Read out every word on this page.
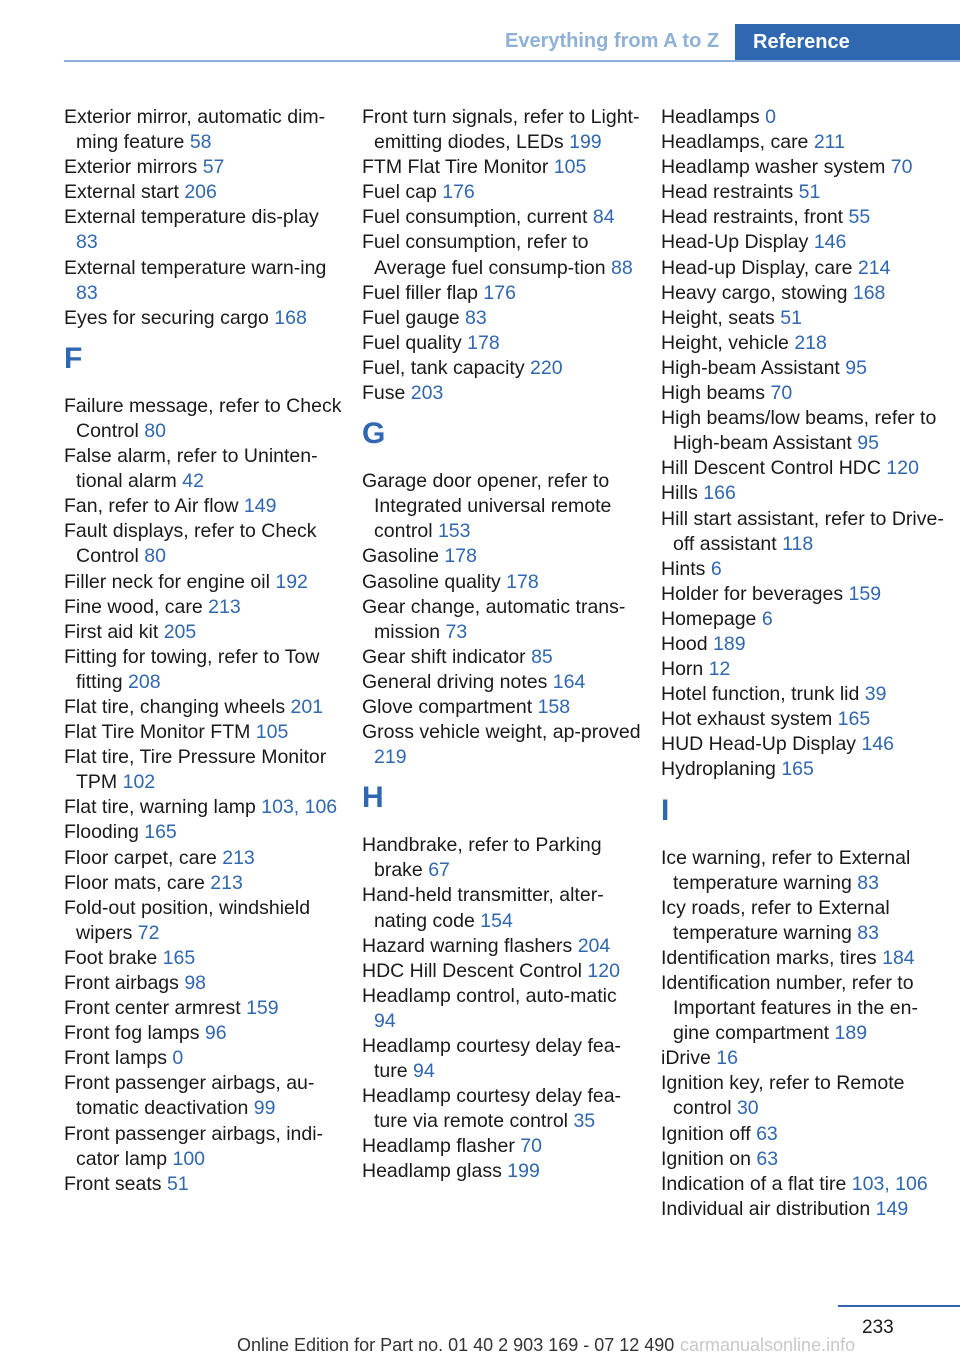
Everything from A to Z	Reference
Exterior mirror, automatic dim-ming feature 58
Exterior mirrors 57
External start 206
External temperature dis-play 83
External temperature warn-ing 83
Eyes for securing cargo 168
F
Failure message, refer to Check Control 80
False alarm, refer to Uninten-tional alarm 42
Fan, refer to Air flow 149
Fault displays, refer to Check Control 80
Filler neck for engine oil 192
Fine wood, care 213
First aid kit 205
Fitting for towing, refer to Tow fitting 208
Flat tire, changing wheels 201
Flat Tire Monitor FTM 105
Flat tire, Tire Pressure Monitor TPM 102
Flat tire, warning lamp 103, 106
Flooding 165
Floor carpet, care 213
Floor mats, care 213
Fold-out position, windshield wipers 72
Foot brake 165
Front airbags 98
Front center armrest 159
Front fog lamps 96
Front lamps 0
Front passenger airbags, au-tomatic deactivation 99
Front passenger airbags, indi-cator lamp 100
Front seats 51
Front turn signals, refer to Light-emitting diodes, LEDs 199
FTM Flat Tire Monitor 105
Fuel cap 176
Fuel consumption, current 84
Fuel consumption, refer to Average fuel consump-tion 88
Fuel filler flap 176
Fuel gauge 83
Fuel quality 178
Fuel, tank capacity 220
Fuse 203
G
Garage door opener, refer to Integrated universal remote control 153
Gasoline 178
Gasoline quality 178
Gear change, automatic trans-mission 73
Gear shift indicator 85
General driving notes 164
Glove compartment 158
Gross vehicle weight, ap-proved 219
H
Handbrake, refer to Parking brake 67
Hand-held transmitter, alter-nating code 154
Hazard warning flashers 204
HDC Hill Descent Control 120
Headlamp control, auto-matic 94
Headlamp courtesy delay fea-ture 94
Headlamp courtesy delay fea-ture via remote control 35
Headlamp flasher 70
Headlamp glass 199
Headlamps 0
Headlamps, care 211
Headlamp washer system 70
Head restraints 51
Head restraints, front 55
Head-Up Display 146
Head-up Display, care 214
Heavy cargo, stowing 168
Height, seats 51
Height, vehicle 218
High-beam Assistant 95
High beams 70
High beams/low beams, refer to High-beam Assistant 95
Hill Descent Control HDC 120
Hills 166
Hill start assistant, refer to Drive-off assistant 118
Hints 6
Holder for beverages 159
Homepage 6
Hood 189
Horn 12
Hotel function, trunk lid 39
Hot exhaust system 165
HUD Head-Up Display 146
Hydroplaning 165
I
Ice warning, refer to External temperature warning 83
Icy roads, refer to External temperature warning 83
Identification marks, tires 184
Identification number, refer to Important features in the en-gine compartment 189
iDrive 16
Ignition key, refer to Remote control 30
Ignition off 63
Ignition on 63
Indication of a flat tire 103, 106
Individual air distribution 149
233
Online Edition for Part no. 01 40 2 903 169 - 07 12 490 carmanualsonline.info
